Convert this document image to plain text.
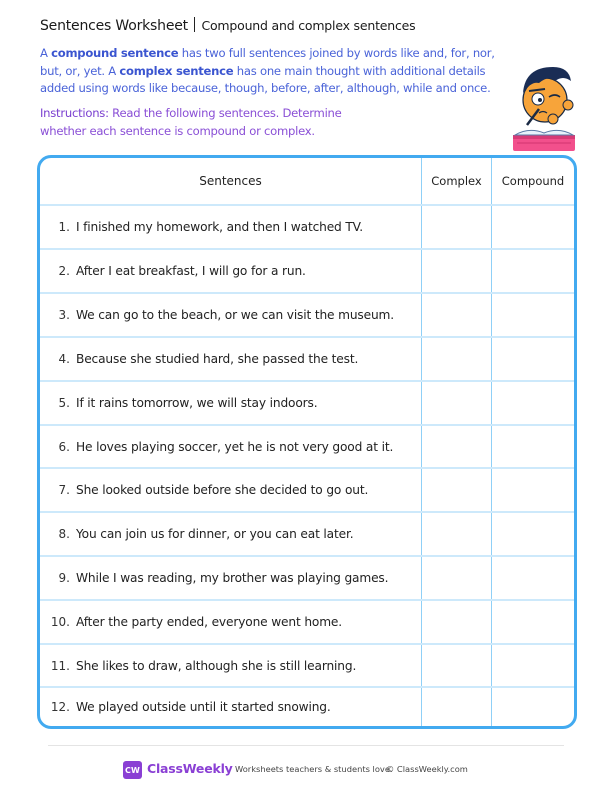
Sentences Worksheet Compound and complex sentences
A compound sentence has two full sentences joined by words like and, for, nor, but, or, yet. A complex sentence has one main thought with additional details added using words like because, though, before, after, although, while and once.
Instructions: Read the following sentences. Determine whether each sentence is compound or complex.
Sentences	Complex	Compound
1. I finished my homework, and then I watched TV.
2. After I eat breakfast, I will go for a run.
3. We can go to the beach, or we can visit the museum.
4. Because she studied hard, she passed the test.
5. If it rains tomorrow, we will stay indoors.
6. He loves playing soccer, yet he is not very good at it.
7. She looked outside before she decided to go out.
8. You can join us for dinner, or you can eat later.
9. While I was reading, my brother was playing games.
10. After the party ended, everyone went home.
11. She likes to draw, although she is still learning.
12. We played outside until it started snowing.
CW ClassWeekly Worksheets teachers & students love.
© ClassWeekly.com
